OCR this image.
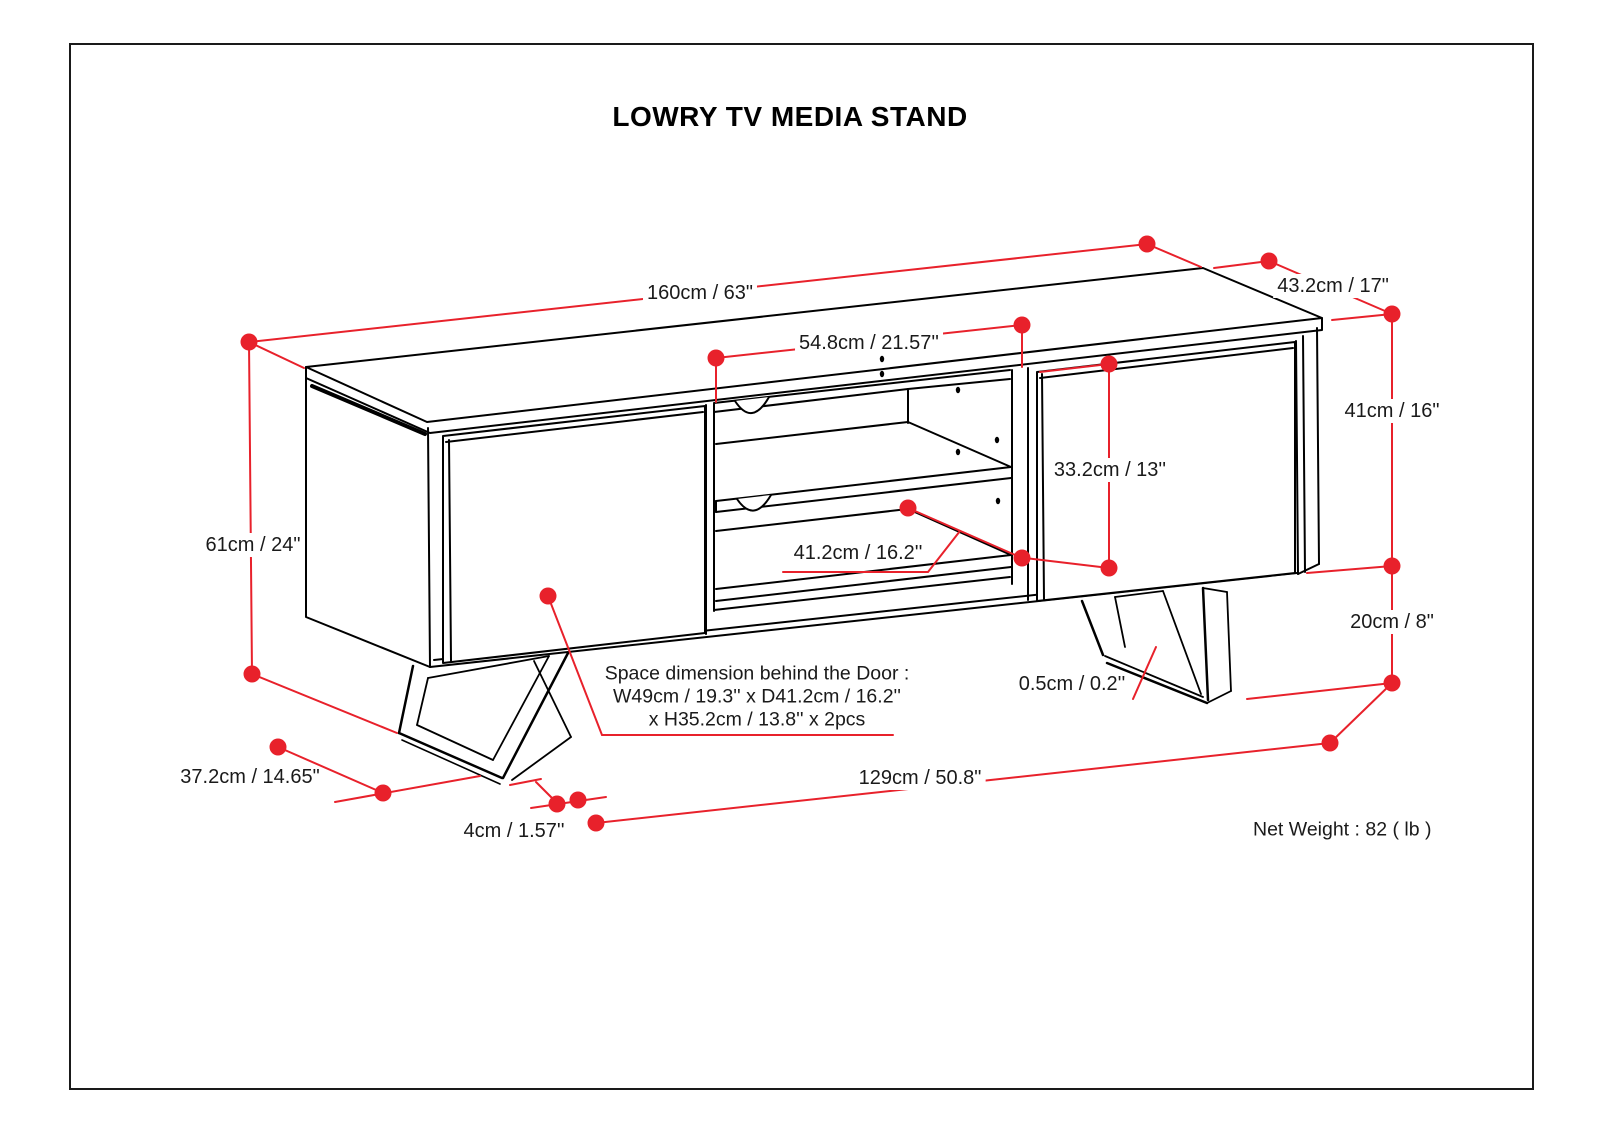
LOWRY TV MEDIA STAND
160cm / 63"	43.2cm / 17"
41cm / 16"
54.8cm / 21.57''
33.2cm / 13''
41.2cm / 16.2''
20cm / 8"
61cm / 24"
37.2cm / 14.65"
4cm / 1.57''
129cm / 50.8"
0.5cm / 0.2''
Space dimension behind the Door :
W49cm / 19.3'' x D41.2cm / 16.2''
x H35.2cm / 13.8'' x 2pcs
Net Weight : 82 ( lb )
